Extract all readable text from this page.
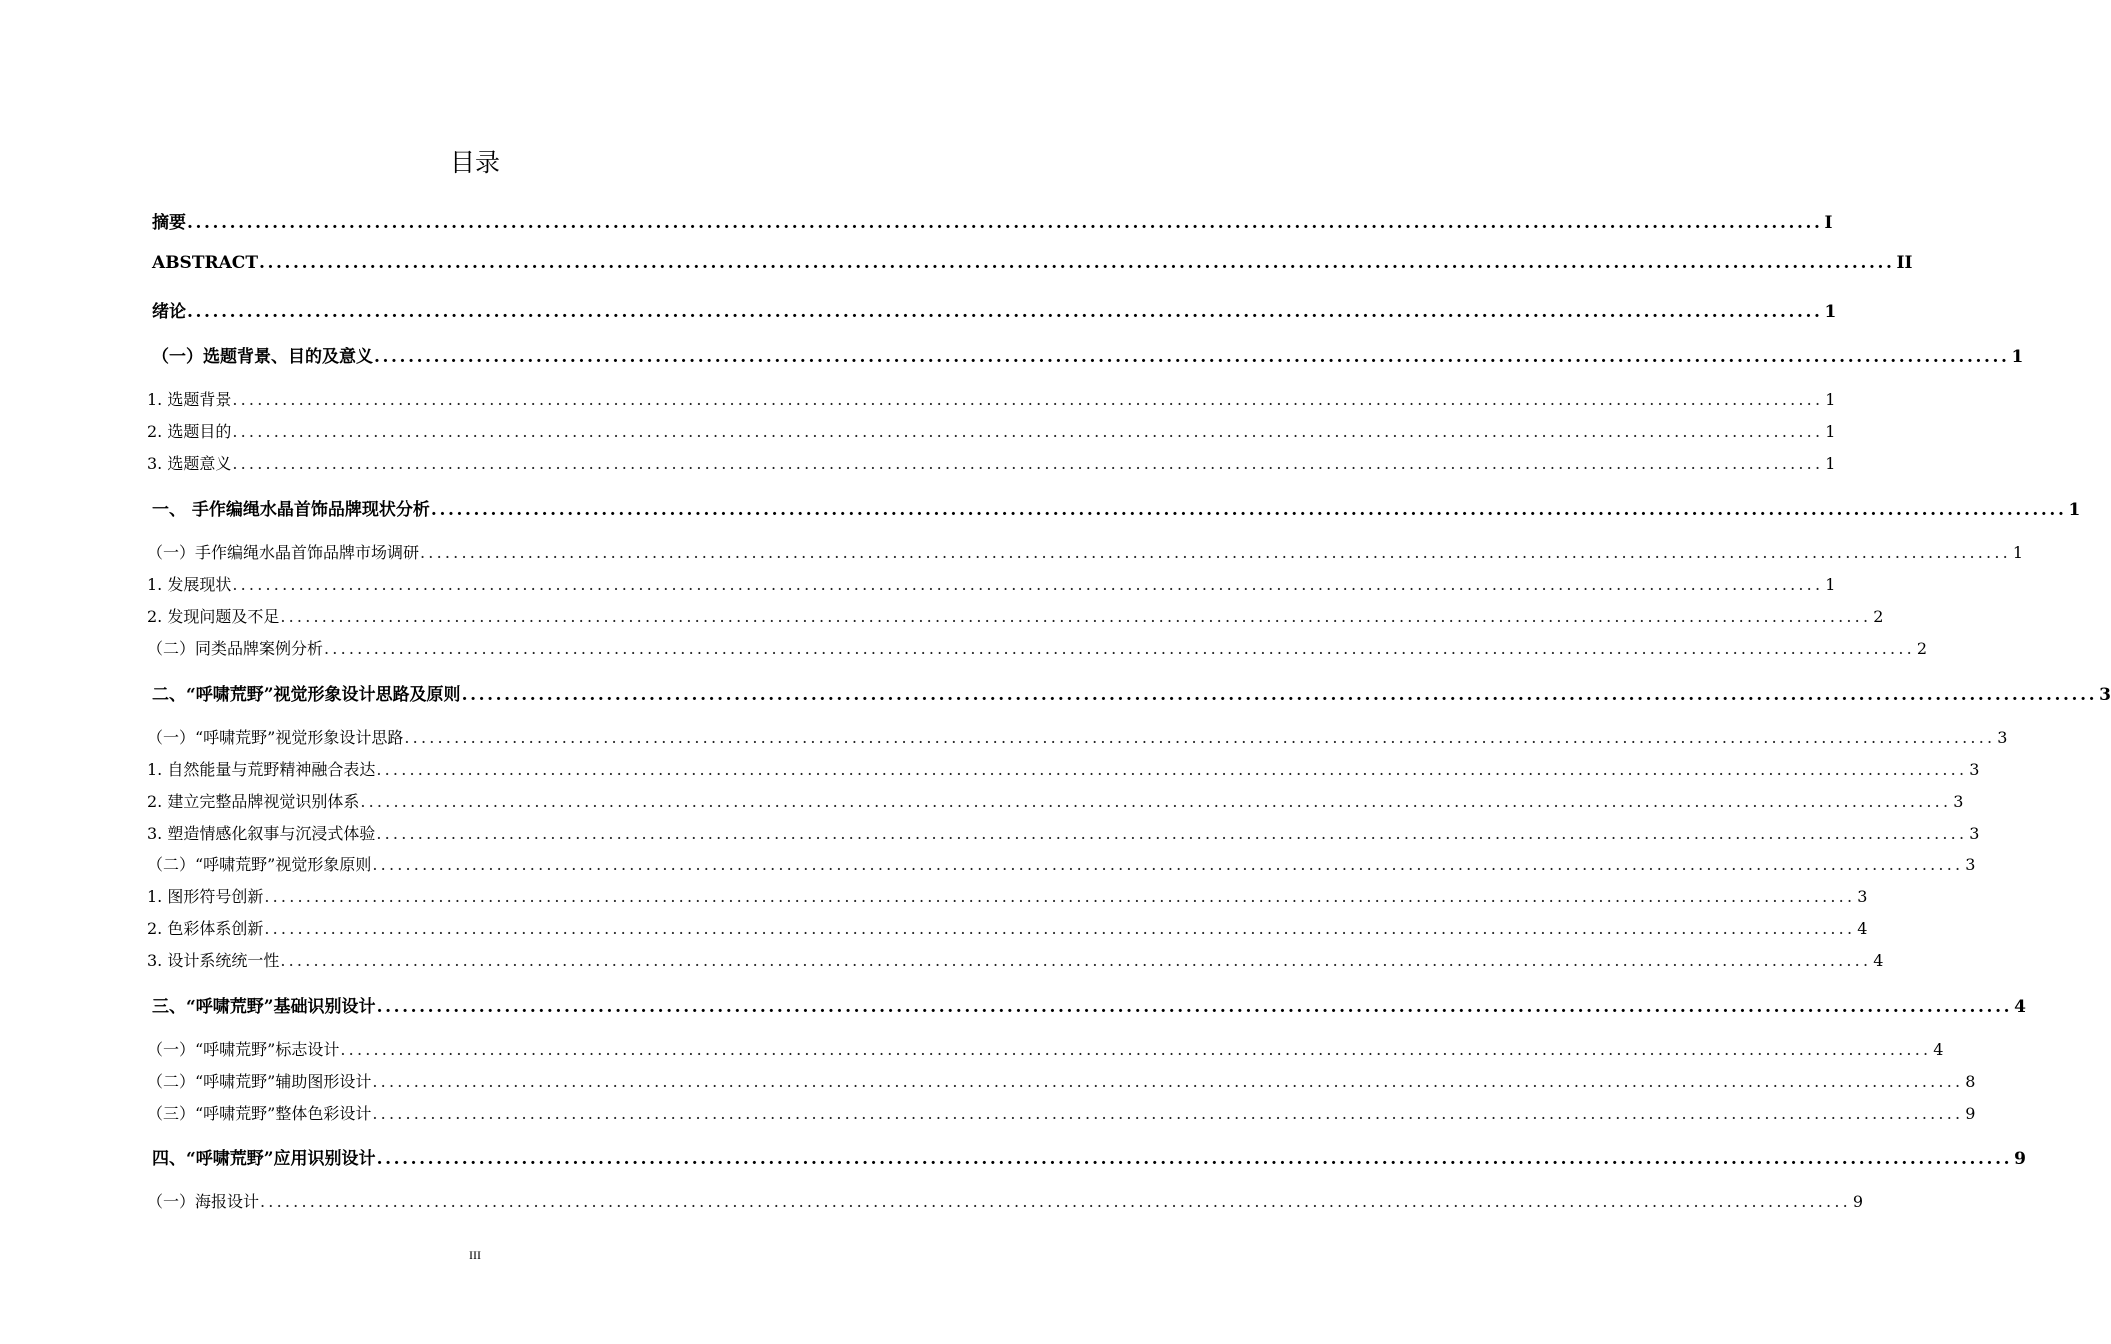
目录
摘要 ................................................................................................................................................................................................ I
ABSTRACT ................................................................................................................................................................................................ II
绪论 ................................................................................................................................................................................................ 1
（一）选题背景、目的及意义 ................................................................................................................................................................................................ 1
1. 选题背景 ................................................................................................................................................................................................ 1
2. 选题目的 ................................................................................................................................................................................................ 1
3. 选题意义 ................................................................................................................................................................................................ 1
一、 手作编绳水晶首饰品牌现状分析 ................................................................................................................................................................................................ 1
（一）手作编绳水晶首饰品牌市场调研 ................................................................................................................................................................................................ 1
1. 发展现状 ................................................................................................................................................................................................ 1
2. 发现问题及不足 ................................................................................................................................................................................................ 2
（二）同类品牌案例分析 ................................................................................................................................................................................................ 2
二、“呼啸荒野”视觉形象设计思路及原则 ................................................................................................................................................................................................ 3
（一）“呼啸荒野”视觉形象设计思路 ................................................................................................................................................................................................ 3
1. 自然能量与荒野精神融合表达 ................................................................................................................................................................................................ 3
2. 建立完整品牌视觉识别体系 ................................................................................................................................................................................................ 3
3. 塑造情感化叙事与沉浸式体验 ................................................................................................................................................................................................ 3
（二）“呼啸荒野”视觉形象原则 ................................................................................................................................................................................................ 3
1. 图形符号创新 ................................................................................................................................................................................................ 3
2. 色彩体系创新 ................................................................................................................................................................................................ 4
3. 设计系统统一性 ................................................................................................................................................................................................ 4
三、“呼啸荒野”基础识别设计 ................................................................................................................................................................................................ 4
（一）“呼啸荒野”标志设计 ................................................................................................................................................................................................ 4
（二）“呼啸荒野”辅助图形设计 ................................................................................................................................................................................................ 8
（三）“呼啸荒野”整体色彩设计 ................................................................................................................................................................................................ 9
四、“呼啸荒野”应用识别设计 ................................................................................................................................................................................................ 9
（一）海报设计 ................................................................................................................................................................................................ 9
III
